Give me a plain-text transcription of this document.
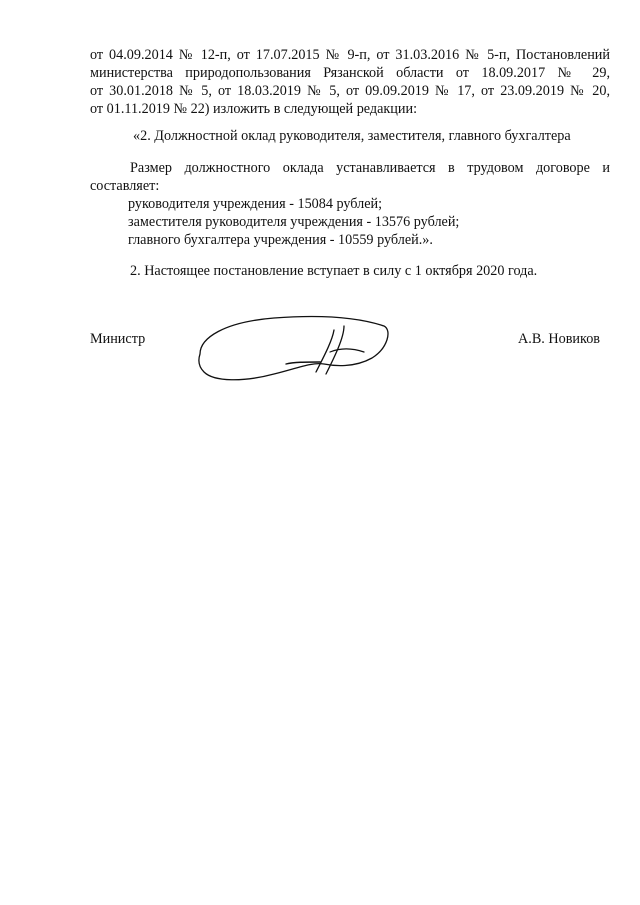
от 04.09.2014 № 12-п, от 17.07.2015 № 9-п, от 31.03.2016 № 5-п, Постановлений
министерства природопользования Рязанской области от 18.09.2017 № 29,
от 30.01.2018 № 5, от 18.03.2019 № 5, от 09.09.2019 № 17, от 23.09.2019 № 20,
от 01.11.2019 № 22) изложить в следующей редакции:
«2. Должностной оклад руководителя, заместителя, главного бухгалтера
Размер должностного оклада устанавливается в трудовом договоре и
составляет:
руководителя учреждения - 15084 рублей;
заместителя руководителя учреждения - 13576 рублей;
главного бухгалтера учреждения - 10559 рублей.».
2. Настоящее постановление вступает в силу с 1 октября 2020 года.
Министр	А.В. Новиков
